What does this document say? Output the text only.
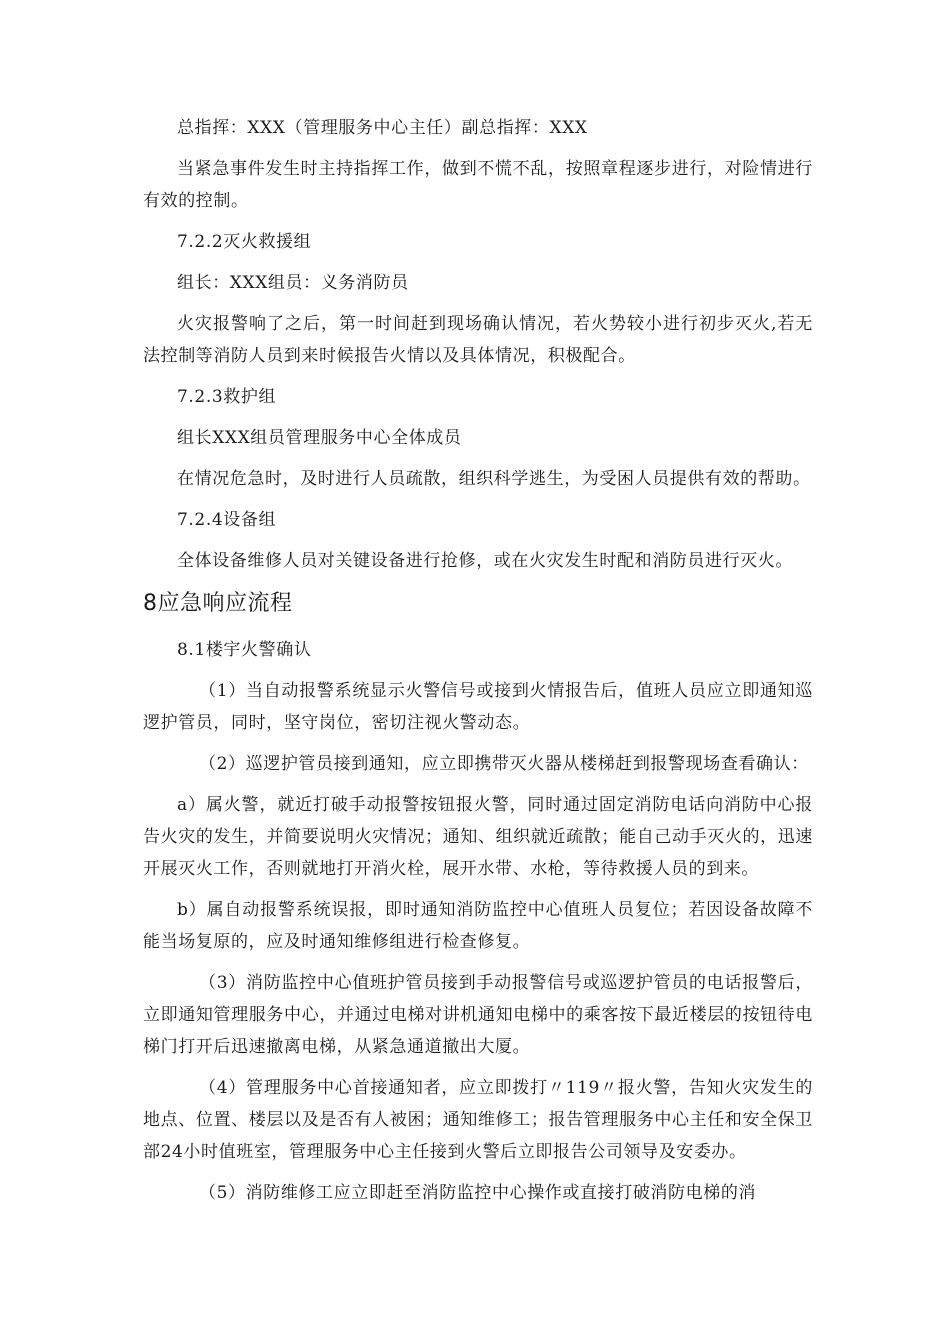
总指挥：XXX（管理服务中心主任）副总指挥：XXX

当紧急事件发生时主持指挥工作，做到不慌不乱，按照章程逐步进行，对险情进行有效的控制。

7.2.2灭火救援组

组长：XXX组员：义务消防员

火灾报警响了之后，第一时间赶到现场确认情况，若火势较小进行初步灭火,若无法控制等消防人员到来时候报告火情以及具体情况，积极配合。

7.2.3救护组

组长XXX组员管理服务中心全体成员

在情况危急时，及时进行人员疏散，组织科学逃生，为受困人员提供有效的帮助。

7.2.4设备组

全体设备维修人员对关键设备进行抢修，或在火灾发生时配和消防员进行灭火。

8应急响应流程

8.1楼宇火警确认

（1）当自动报警系统显示火警信号或接到火情报告后，值班人员应立即通知巡逻护管员，同时，坚守岗位，密切注视火警动态。

（2）巡逻护管员接到通知，应立即携带灭火器从楼梯赶到报警现场查看确认：

a）属火警，就近打破手动报警按钮报火警，同时通过固定消防电话向消防中心报告火灾的发生，并简要说明火灾情况；通知、组织就近疏散；能自己动手灭火的，迅速开展灭火工作，否则就地打开消火栓，展开水带、水枪，等待救援人员的到来。

b）属自动报警系统误报，即时通知消防监控中心值班人员复位；若因设备故障不能当场复原的，应及时通知维修组进行检查修复。

（3）消防监控中心值班护管员接到手动报警信号或巡逻护管员的电话报警后，立即通知管理服务中心，并通过电梯对讲机通知电梯中的乘客按下最近楼层的按钮待电梯门打开后迅速撤离电梯，从紧急通道撤出大厦。

（4）管理服务中心首接通知者，应立即拨打〃119〃报火警，告知火灾发生的地点、位置、楼层以及是否有人被困；通知维修工；报告管理服务中心主任和安全保卫部24小时值班室，管理服务中心主任接到火警后立即报告公司领导及安委办。

（5）消防维修工应立即赶至消防监控中心操作或直接打破消防电梯的消
